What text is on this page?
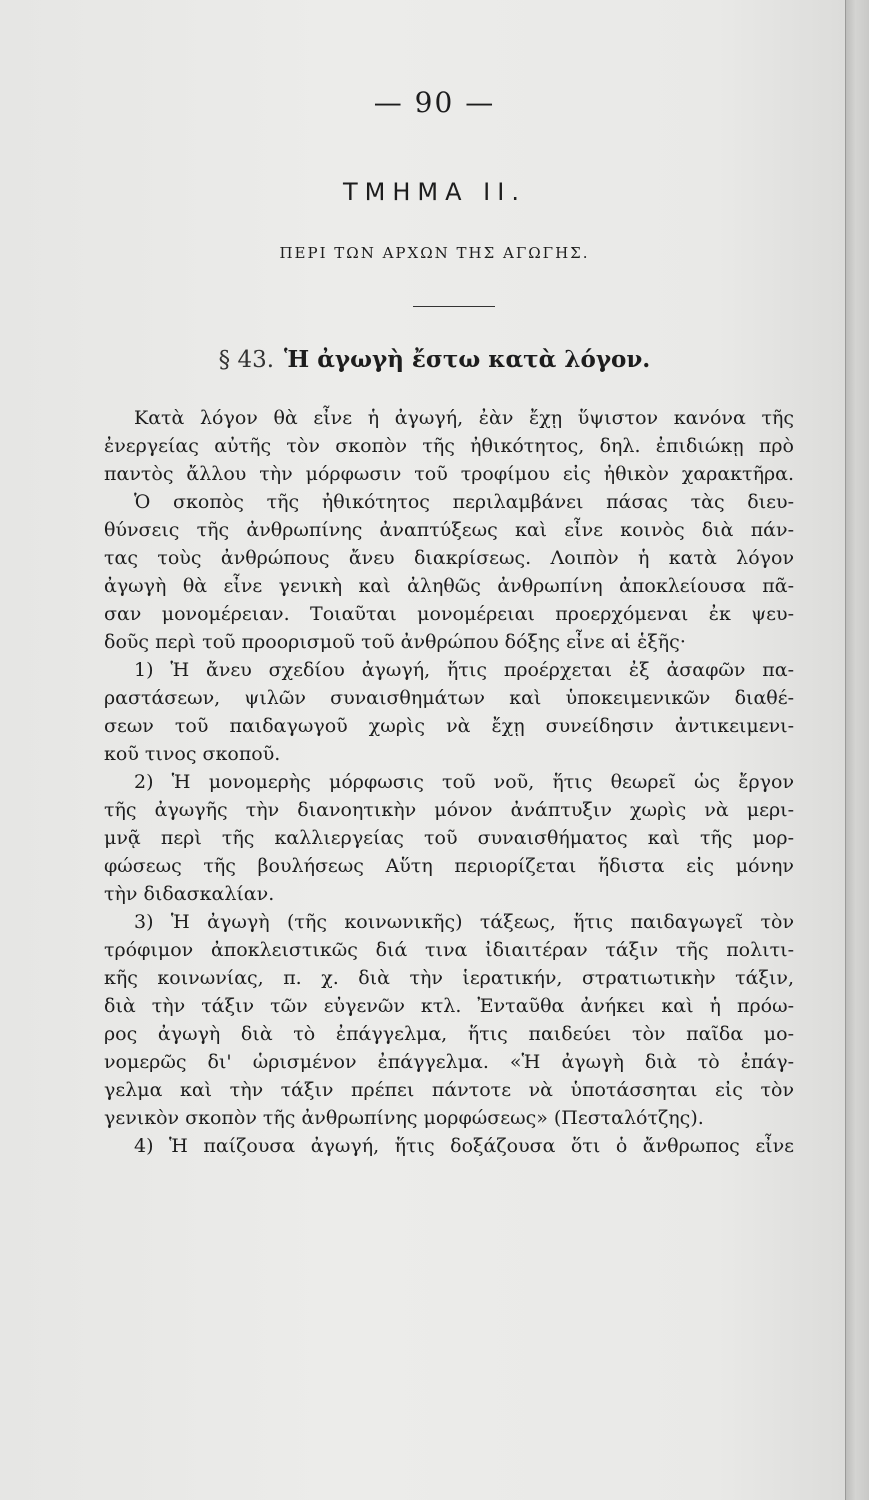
— 90 —
ΤΜΗΜΑ II.
ΠΕΡΙ ΤΩΝ ΑΡΧΩΝ ΤΗΣ ΑΓΩΓΗΣ.
§ 43. Ἡ ἀγωγὴ ἔστω κατὰ λόγον.
Κατὰ λόγον θὰ εἶνε ἡ ἀγωγή, ἐὰν ἔχῃ ὕψιστον κανόνα τῆς
ἐνεργείας αὐτῆς τὸν σκοπὸν τῆς ἠθικότητος, δηλ. ἐπιδιώκῃ πρὸ
παντὸς ἄλλου τὴν μόρφωσιν τοῦ τροφίμου εἰς ἠθικὸν χαρακτῆρα.
Ὁ σκοπὸς τῆς ἠθικότητος περιλαμβάνει πάσας τὰς διευ-
θύνσεις τῆς ἀνθρωπίνης ἀναπτύξεως καὶ εἶνε κοινὸς διὰ πάν-
τας τοὺς ἀνθρώπους ἄνευ διακρίσεως. Λοιπὸν ἡ κατὰ λόγον
ἀγωγὴ θὰ εἶνε γενικὴ καὶ ἀληθῶς ἀνθρωπίνη ἀποκλείουσα πᾶ-
σαν μονομέρειαν. Τοιαῦται μονομέρειαι προερχόμεναι ἐκ ψευ-
δοῦς περὶ τοῦ προορισμοῦ τοῦ ἀνθρώπου δόξης εἶνε αἱ ἑξῆς·
1) Ἡ ἄνευ σχεδίου ἀγωγή, ἥτις προέρχεται ἐξ ἀσαφῶν πα-
ραστάσεων, ψιλῶν συναισθημάτων καὶ ὑποκειμενικῶν διαθέ-
σεων τοῦ παιδαγωγοῦ χωρὶς νὰ ἔχῃ συνείδησιν ἀντικειμενι-
κοῦ τινος σκοποῦ.
2) Ἡ μονομερὴς μόρφωσις τοῦ νοῦ, ἥτις θεωρεῖ ὡς ἔργον
τῆς ἀγωγῆς τὴν διανοητικὴν μόνον ἀνάπτυξιν χωρὶς νὰ μερι-
μνᾷ περὶ τῆς καλλιεργείας τοῦ συναισθήματος καὶ τῆς μορ-
φώσεως τῆς βουλήσεως Αὕτη περιορίζεται ἥδιστα εἰς μόνην
τὴν διδασκαλίαν.
3) Ἡ ἀγωγὴ (τῆς κοινωνικῆς) τάξεως, ἥτις παιδαγωγεῖ τὸν
τρόφιμον ἀποκλειστικῶς διά τινα ἰδιαιτέραν τάξιν τῆς πολιτι-
κῆς κοινωνίας, π. χ. διὰ τὴν ἱερατικήν, στρατιωτικὴν τάξιν,
διὰ τὴν τάξιν τῶν εὐγενῶν κτλ. Ἐνταῦθα ἀνήκει καὶ ἡ πρόω-
ρος ἀγωγὴ διὰ τὸ ἐπάγγελμα, ἥτις παιδεύει τὸν παῖδα μο-
νομερῶς δι' ὡρισμένον ἐπάγγελμα. «Ἡ ἀγωγὴ διὰ τὸ ἐπάγ-
γελμα καὶ τὴν τάξιν πρέπει πάντοτε νὰ ὑποτάσσηται εἰς τὸν
γενικὸν σκοπὸν τῆς ἀνθρωπίνης μορφώσεως» (Πεσταλότζης).
4) Ἡ παίζουσα ἀγωγή, ἥτις δοξάζουσα ὅτι ὁ ἄνθρωπος εἶνε
